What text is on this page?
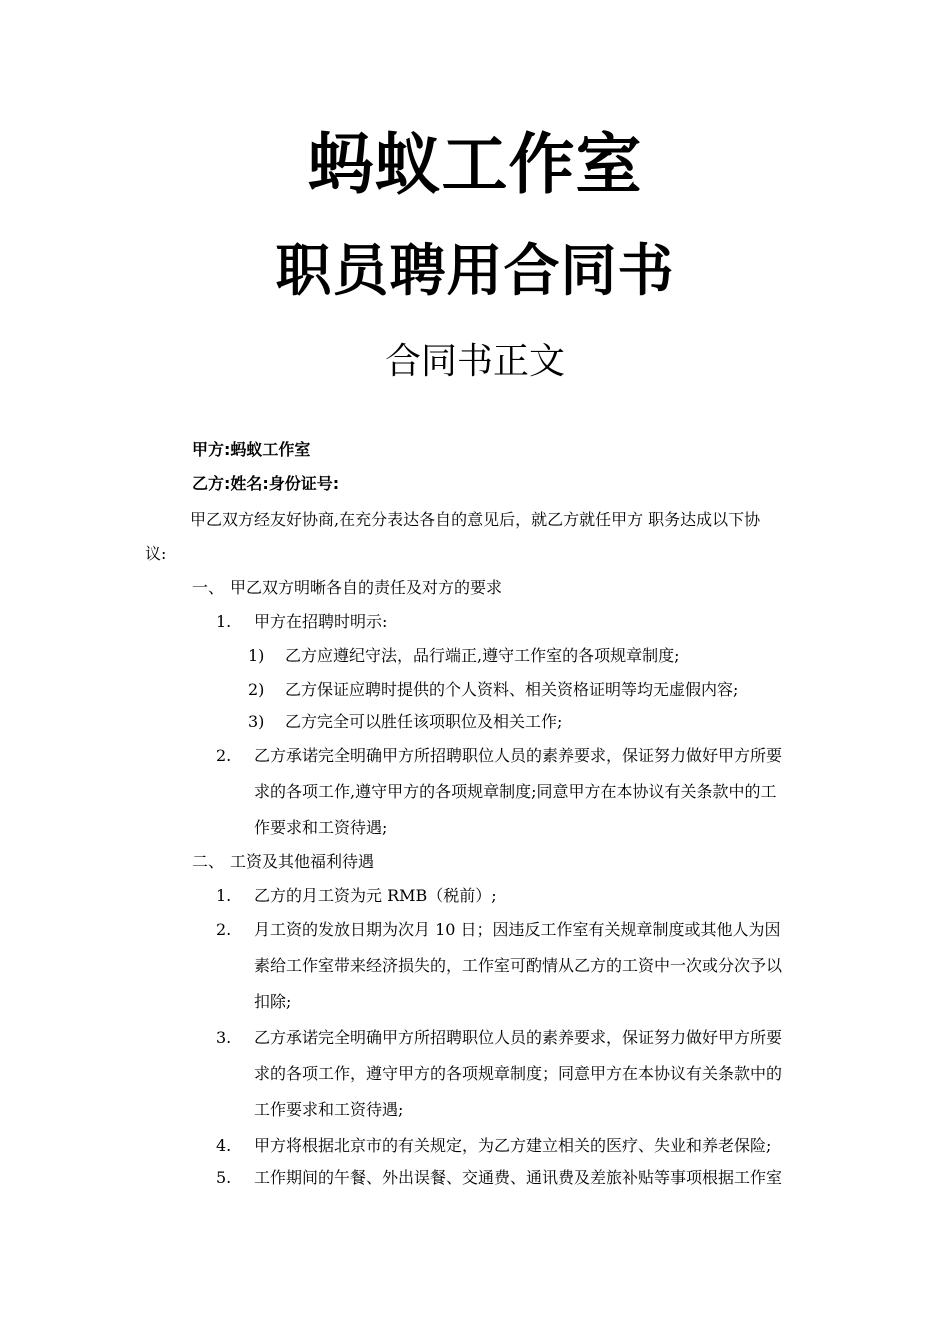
蚂蚁工作室
职员聘用合同书
合同书正文
甲方:蚂蚁工作室
乙方:姓名:身份证号:
甲乙双方经友好协商,在充分表达各自的意见后，就乙方就任甲方 职务达成以下协
议:
一、 甲乙双方明晰各自的责任及对方的要求
1. 甲方在招聘时明示:
1) 乙方应遵纪守法，品行端正,遵守工作室的各项规章制度;
2) 乙方保证应聘时提供的个人资料、相关资格证明等均无虚假内容;
3) 乙方完全可以胜任该项职位及相关工作;
2. 乙方承诺完全明确甲方所招聘职位人员的素养要求，保证努力做好甲方所要
求的各项工作,遵守甲方的各项规章制度;同意甲方在本协议有关条款中的工
作要求和工资待遇;
二、 工资及其他福利待遇
1. 乙方的月工资为元 RMB（税前）;
2. 月工资的发放日期为次月 10 日；因违反工作室有关规章制度或其他人为因
素给工作室带来经济损失的，工作室可酌情从乙方的工资中一次或分次予以
扣除;
3. 乙方承诺完全明确甲方所招聘职位人员的素养要求，保证努力做好甲方所要
求的各项工作，遵守甲方的各项规章制度；同意甲方在本协议有关条款中的
工作要求和工资待遇;
4. 甲方将根据北京市的有关规定，为乙方建立相关的医疗、失业和养老保险;
5. 工作期间的午餐、外出误餐、交通费、通讯费及差旅补贴等事项根据工作室
